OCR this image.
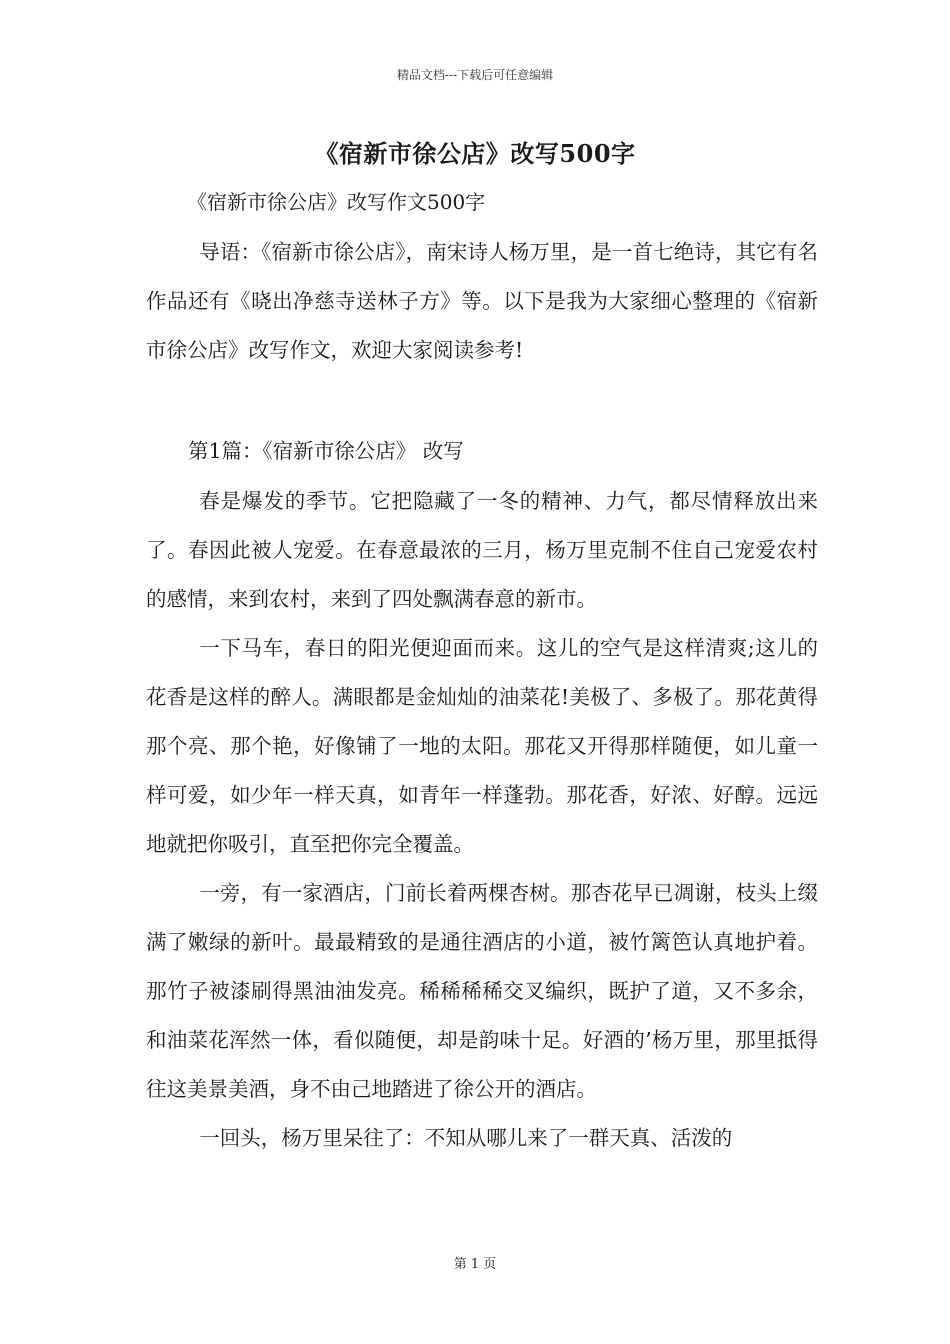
精品文档---下载后可任意编辑
《宿新市徐公店》改写500字
《宿新市徐公店》改写作文500字

导语：《宿新市徐公店》，南宋诗人杨万里，是一首七绝诗，其它有名作品还有《晓出净慈寺送林子方》等。以下是我为大家细心整理的《宿新市徐公店》改写作文，欢迎大家阅读参考!

第1篇：《宿新市徐公店》 改写

春是爆发的季节。它把隐藏了一冬的精神、力气，都尽情释放出来了。春因此被人宠爱。在春意最浓的三月，杨万里克制不住自己宠爱农村的感情，来到农村，来到了四处飘满春意的新市。

一下马车，春日的阳光便迎面而来。这儿的空气是这样清爽;这儿的花香是这样的醉人。满眼都是金灿灿的油菜花!美极了、多极了。那花黄得那个亮、那个艳，好像铺了一地的太阳。那花又开得那样随便，如儿童一样可爱，如少年一样天真，如青年一样蓬勃。那花香，好浓、好醇。远远地就把你吸引，直至把你完全覆盖。

一旁，有一家酒店，门前长着两棵杏树。那杏花早已凋谢，枝头上缀满了嫩绿的新叶。最最精致的是通往酒店的小道，被竹篱笆认真地护着。那竹子被漆刷得黑油油发亮。稀稀稀稀交叉编织，既护了道，又不多余，和油菜花浑然一体，看似随便，却是韵味十足。好酒的’杨万里，那里抵得往这美景美酒，身不由己地踏进了徐公开的酒店。

一回头，杨万里呆往了：不知从哪儿来了一群天真、活泼的

第 1 页
